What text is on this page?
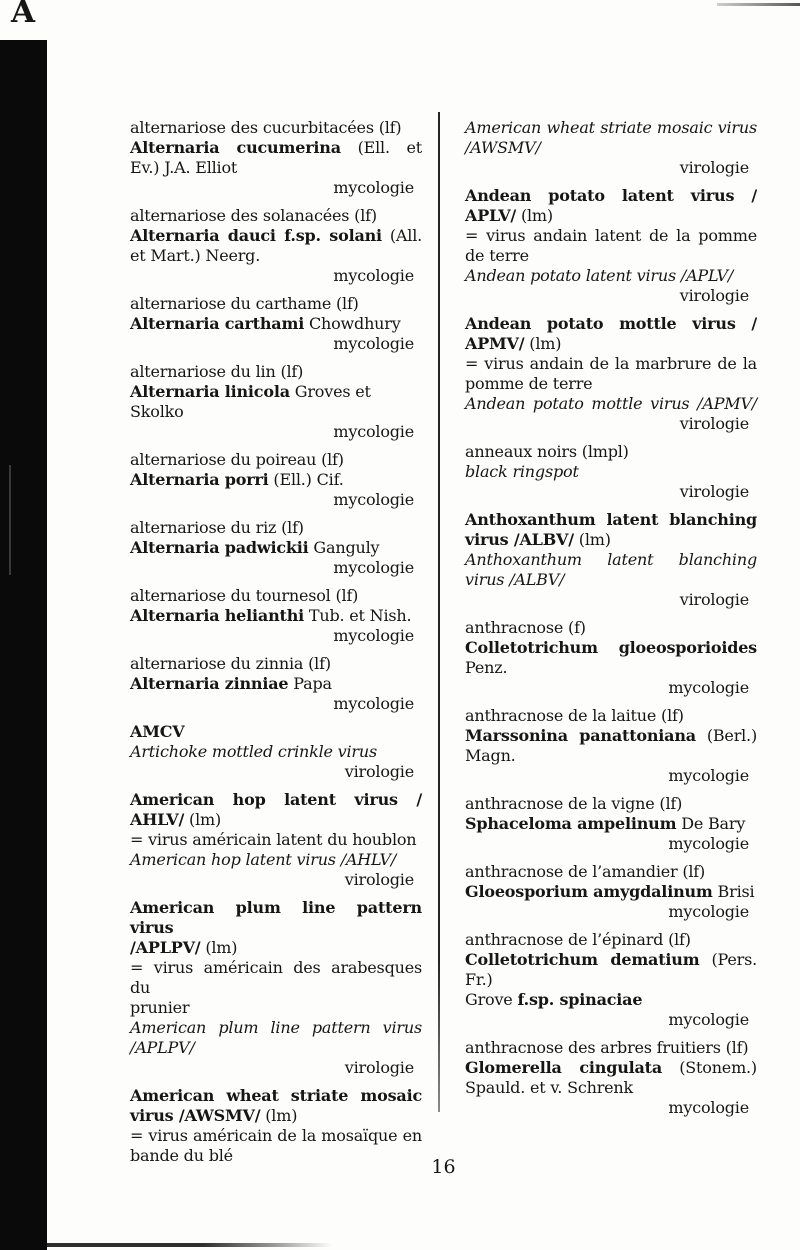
A
alternariose des cucurbitacées (lf)
Alternaria cucumerina (Ell. et
Ev.) J.A. Elliot
mycologie
alternariose des solanacées (lf)
Alternaria dauci f.sp. solani (All.
et Mart.) Neerg.
mycologie
alternariose du carthame (lf)
Alternaria carthami Chowdhury
mycologie
alternariose du lin (lf)
Alternaria linicola Groves et Skolko
mycologie
alternariose du poireau (lf)
Alternaria porri (Ell.) Cif.
mycologie
alternariose du riz (lf)
Alternaria padwickii Ganguly
mycologie
alternariose du tournesol (lf)
Alternaria helianthi Tub. et Nish.
mycologie
alternariose du zinnia (lf)
Alternaria zinniae Papa
mycologie
AMCV
Artichoke mottled crinkle virus
virologie
American hop latent virus /
AHLV/ (lm)
= virus américain latent du houblon
American hop latent virus /AHLV/
virologie
American plum line pattern virus
/APLPV/ (lm)
= virus américain des arabesques du
prunier
American plum line pattern virus
/APLPV/
virologie
American wheat striate mosaic
virus /AWSMV/ (lm)
= virus américain de la mosaïque en
bande du blé
American wheat striate mosaic virus
/AWSMV/
virologie
Andean potato latent virus /
APLV/ (lm)
= virus andain latent de la pomme
de terre
Andean potato latent virus /APLV/
virologie
Andean potato mottle virus /
APMV/ (lm)
= virus andain de la marbrure de la
pomme de terre
Andean potato mottle virus /APMV/
virologie
anneaux noirs (lmpl)
black ringspot
virologie
Anthoxanthum latent blanching
virus /ALBV/ (lm)
Anthoxanthum latent blanching
virus /ALBV/
virologie
anthracnose (f)
Colletotrichum gloeosporioides
Penz.
mycologie
anthracnose de la laitue (lf)
Marssonina panattoniana (Berl.)
Magn.
mycologie
anthracnose de la vigne (lf)
Sphaceloma ampelinum De Bary
mycologie
anthracnose de l’amandier (lf)
Gloeosporium amygdalinum Brisi
mycologie
anthracnose de l’épinard (lf)
Colletotrichum dematium (Pers. Fr.)
Grove f.sp. spinaciae
mycologie
anthracnose des arbres fruitiers (lf)
Glomerella cingulata (Stonem.)
Spauld. et v. Schrenk
mycologie
16
